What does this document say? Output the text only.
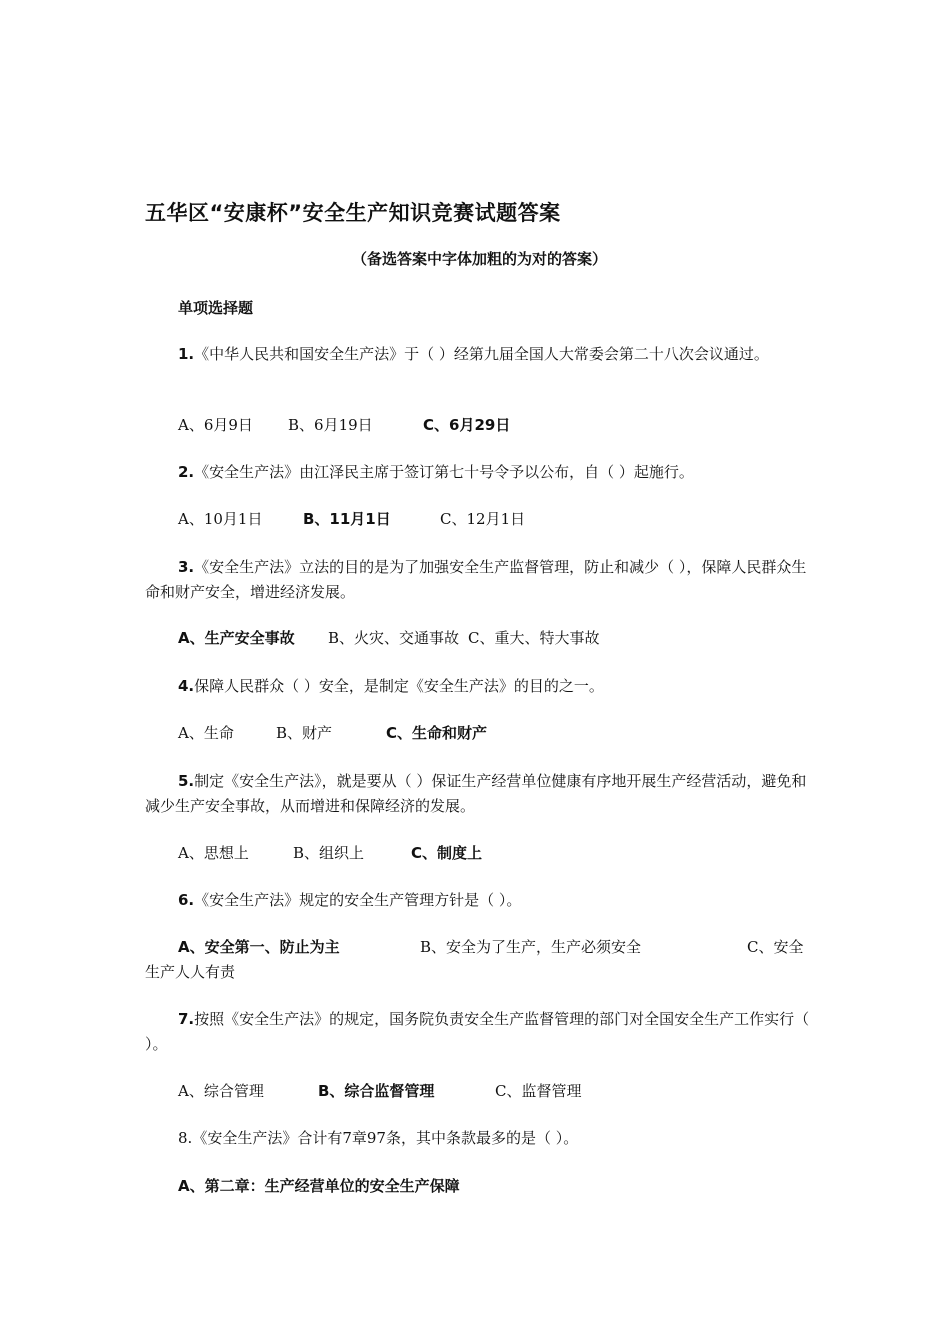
五华区“安康杯”安全生产知识竞赛试题答案
（备选答案中字体加粗的为对的答案）
单项选择题
1.《中华人民共和国安全生产法》于（ ）经第九届全国人大常委会第二十八次会议通过。
A、6月9日 B、6月19日	C、6月29日
2.《安全生产法》由江泽民主席于签订第七十号令予以公布，自（ ）起施行。
A、10月1日	B、11月1日	C、12月1日
3.《安全生产法》立法的目的是为了加强安全生产监督管理，防止和减少（ ），保障人民群众生命和财产安全，增进经济发展。
A、生产安全事故 B、火灾、交通事故 C、重大、特大事故
4.保障人民群众（ ）安全，是制定《安全生产法》的目的之一。
A、生命	B、财产	C、生命和财产
5.制定《安全生产法》，就是要从（ ）保证生产经营单位健康有序地开展生产经营活动，避免和减少生产安全事故，从而增进和保障经济的发展。
A、思想上	B、组织上	C、制度上
6.《安全生产法》规定的安全生产管理方针是（ ）。
A、安全第一、防止为主	B、安全为了生产，生产必须安全	C、安全
生产人人有责
7.按照《安全生产法》的规定，国务院负责安全生产监督管理的部门对全国安全生产工作实行（ ）。
A、综合管理	B、综合监督管理	C、监督管理
8.《安全生产法》合计有7章97条，其中条款最多的是（ ）。
A、第二章：生产经营单位的安全生产保障
